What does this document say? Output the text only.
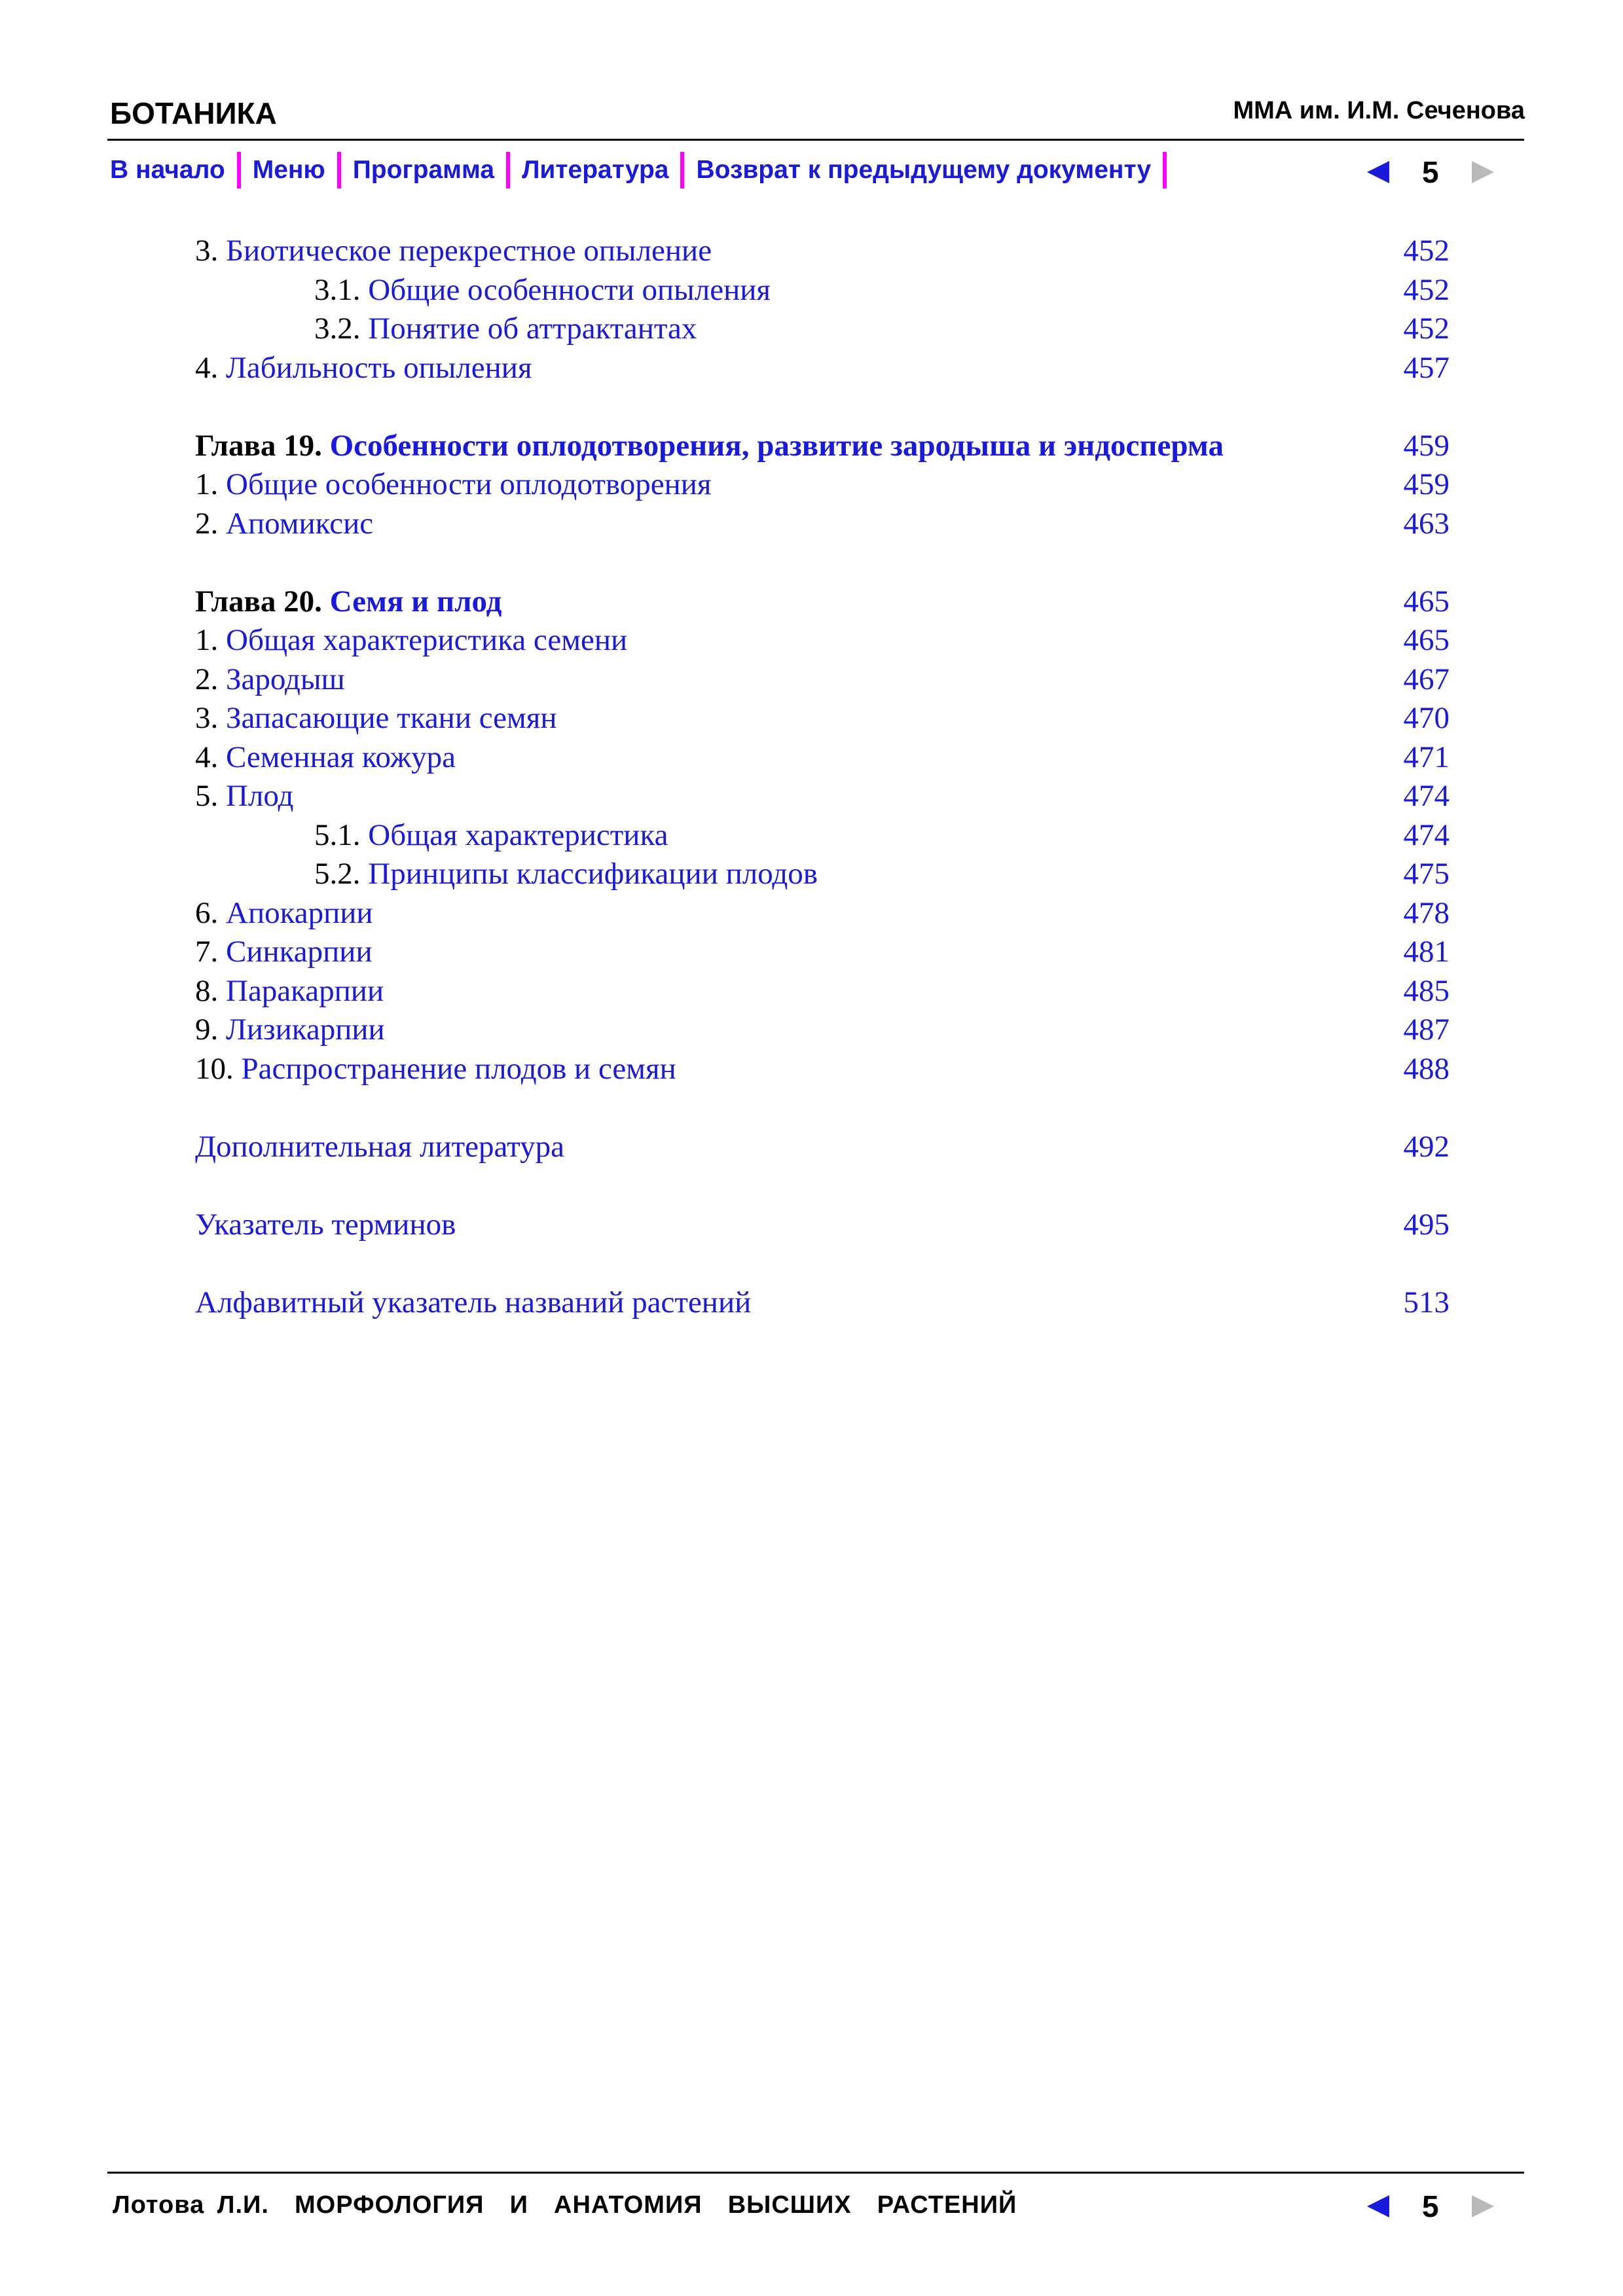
БОТАНИКА	ММА им. И.М. Сеченова
В начало Меню Программа Литература Возврат к предыдущему документу	5
3. Биотическое перекрестное опыление	452
3.1. Общие особенности опыления	452
3.2. Понятие об аттрактантах	452
4. Лабильность опыления	457
Глава 19. Особенности оплодотворения, развитие зародыша и эндосперма	459
1. Общие особенности оплодотворения	459
2. Апомиксис	463
Глава 20. Семя и плод	465
1. Общая характеристика семени	465
2. Зародыш	467
3. Запасающие ткани семян	470
4. Семенная кожура	471
5. Плод	474
5.1. Общая характеристика	474
5.2. Принципы классификации плодов	475
6. Апокарпии	478
7. Синкарпии	481
8. Паракарпии	485
9. Лизикарпии	487
10. Распространение плодов и семян	488
Дополнительная литература	492
Указатель терминов	495
Алфавитный указатель названий растений	513
Лотова Л.И.  МОРФОЛОГИЯ  И  АНАТОМИЯ  ВЫСШИХ  РАСТЕНИЙ	5
